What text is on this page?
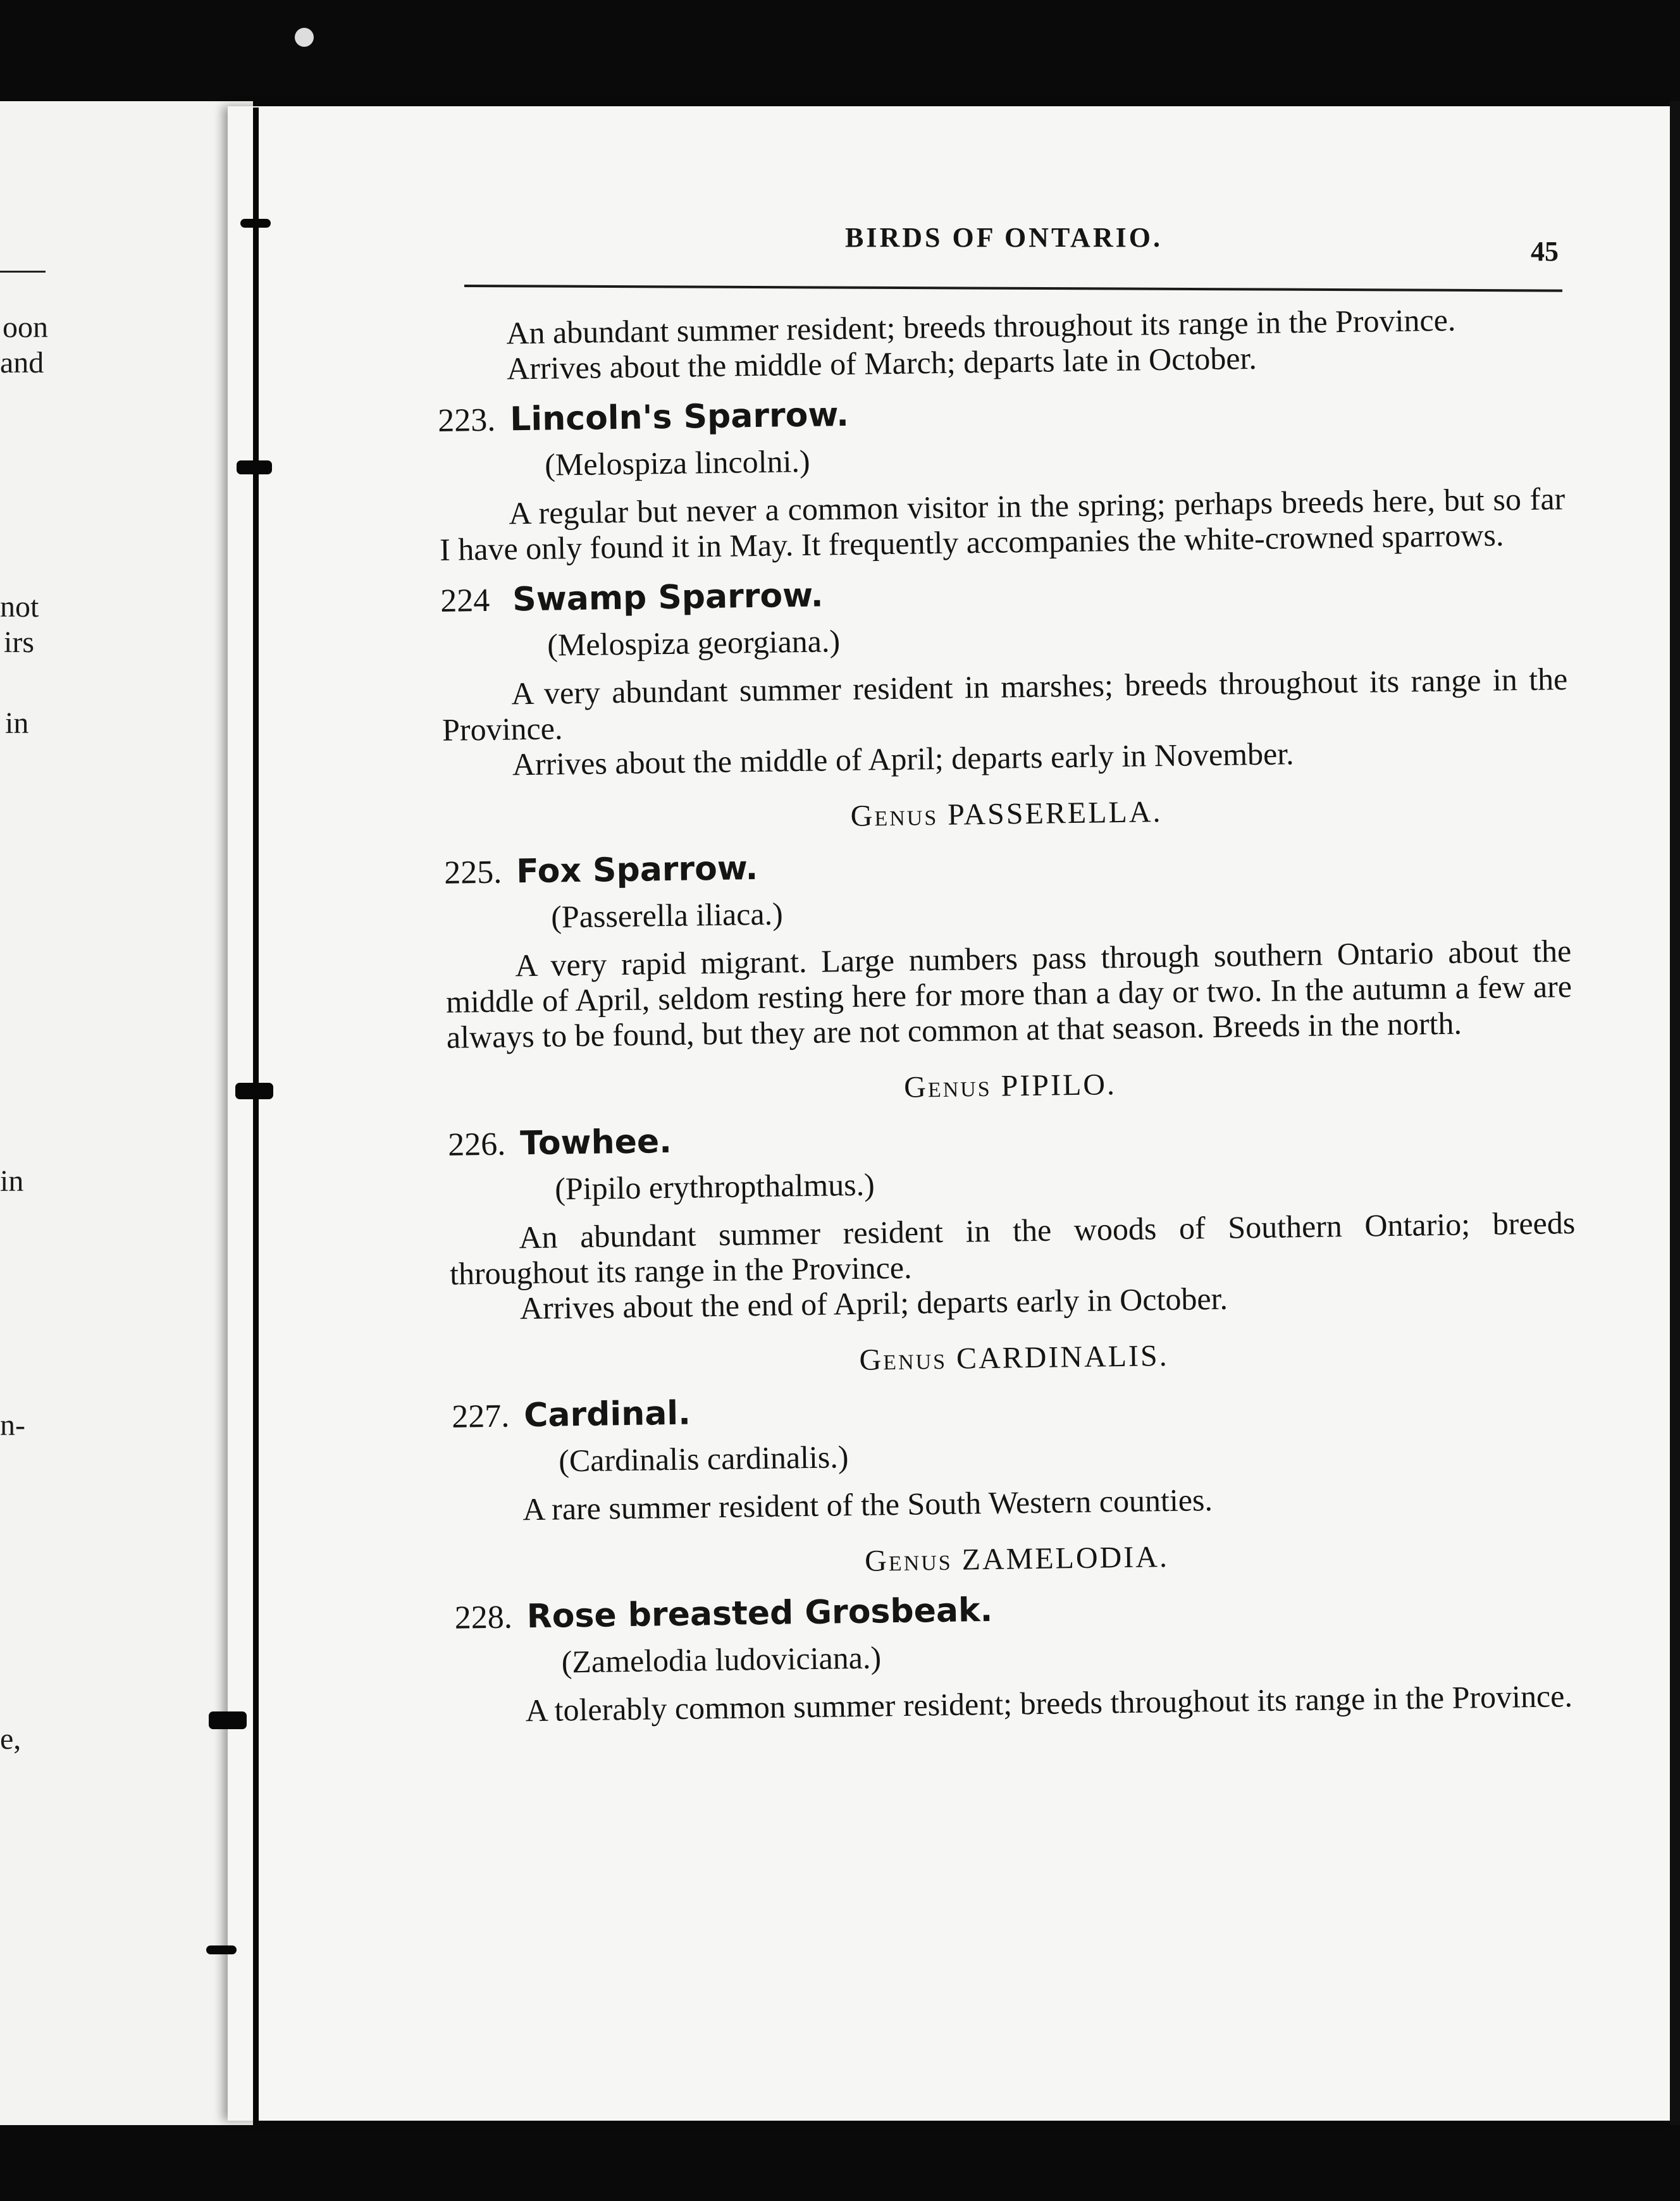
oon
and
not
irs
in
in
n-
e,
BIRDS OF ONTARIO.	45

An abundant summer resident; breeds throughout its range in the Province.

Arrives about the middle of March; departs late in October.

223. Lincoln's Sparrow.
(Melospiza lincolni.)

A regular but never a common visitor in the spring; perhaps breeds here, but so far I have only found it in May. It frequently accompanies the white-crowned sparrows.

224 Swamp Sparrow.
(Melospiza georgiana.)

A very abundant summer resident in marshes; breeds throughout its range in the Province.

Arrives about the middle of April; departs early in November.

Genus PASSERELLA.
225. Fox Sparrow.
(Passerella iliaca.)

A very rapid migrant. Large numbers pass through southern Ontario about the middle of April, seldom resting here for more than a day or two. In the autumn a few are always to be found, but they are not common at that season. Breeds in the north.

Genus PIPILO.
226. Towhee.
(Pipilo erythropthalmus.)

An abundant summer resident in the woods of Southern Ontario; breeds throughout its range in the Province.

Arrives about the end of April; departs early in October.

Genus CARDINALIS.
227. Cardinal.
(Cardinalis cardinalis.)

A rare summer resident of the South Western counties.

Genus ZAMELODIA.
228. Rose breasted Grosbeak.
(Zamelodia ludoviciana.)

A tolerably common summer resident; breeds throughout its range in the Province.
